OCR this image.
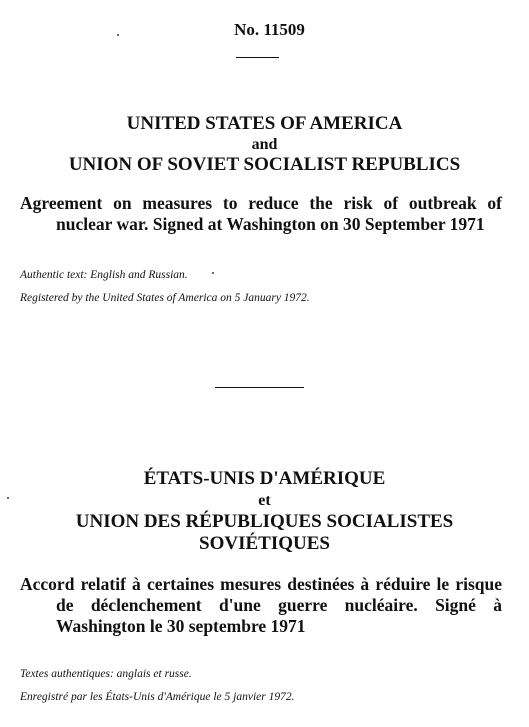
No. 11509
UNITED STATES OF AMERICA
and
UNION OF SOVIET SOCIALIST REPUBLICS
Agreement on measures to reduce the risk of outbreak of nuclear war. Signed at Washington on 30 September 1971
Authentic text: English and Russian.
Registered by the United States of America on 5 January 1972.
ÉTATS-UNIS D'AMÉRIQUE
et
UNION DES RÉPUBLIQUES SOCIALISTES
SOVIÉTIQUES
Accord relatif à certaines mesures destinées à réduire le risque de déclenchement d'une guerre nucléaire. Signé à Washington le 30 septembre 1971
Textes authentiques: anglais et russe.
Enregistré par les États-Unis d'Amérique le 5 janvier 1972.
